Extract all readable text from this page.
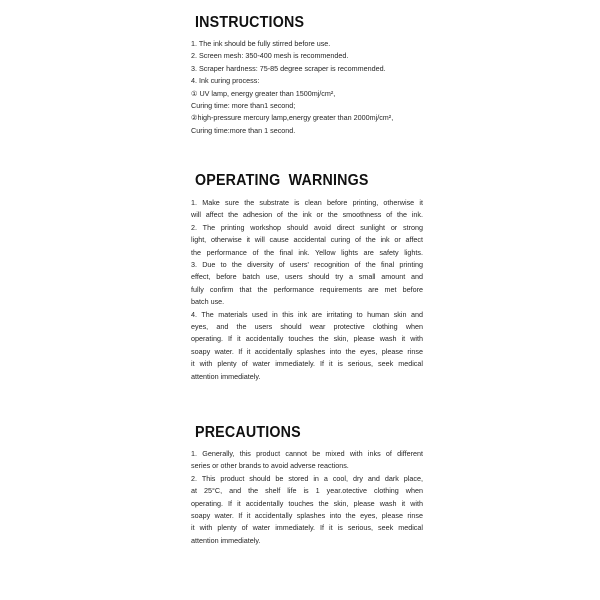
INSTRUCTIONS
1. The ink should be fully stirred before use.
2. Screen mesh: 350-400 mesh is recommended.
3. Scraper hardness: 75-85 degree scraper is recommended.
4. Ink curing process:
① UV lamp, energy greater than 1500mj/cm²,
Curing time: more than1 second;
②high-pressure mercury lamp,energy greater than 2000mj/cm²,
Curing time:more than 1 second.
OPERATING  WARNINGS
1. Make sure the substrate is clean before printing, otherwise it
will affect the adhesion of the ink or the smoothness of the ink.
2. The printing workshop should avoid direct sunlight or strong
light, otherwise it will cause accidental curing of the ink or affect
the performance of the final ink. Yellow lights are safety lights.
3. Due to the diversity of users' recognition of the final printing
effect, before batch use, users should try a small amount and
fully confirm that the performance requirements are met before
batch use.
4. The materials used in this ink are irritating to human skin and
eyes, and the users should wear protective clothing when
operating. If it accidentally touches the skin, please wash it with
soapy water. If it accidentally splashes into the eyes, please rinse
it with plenty of water immediately. If it is serious, seek medical
attention immediately.
PRECAUTIONS
1. Generally, this product cannot be mixed with inks of different
series or other brands to avoid adverse reactions.
2. This product should be stored in a cool, dry and dark place,
at 25°C, and the shelf life is 1 year.otective clothing when
operating. If it accidentally touches the skin, please wash it with
soapy water. If it accidentally splashes into the eyes, please rinse
it with plenty of water immediately. If it is serious, seek medical
attention immediately.
